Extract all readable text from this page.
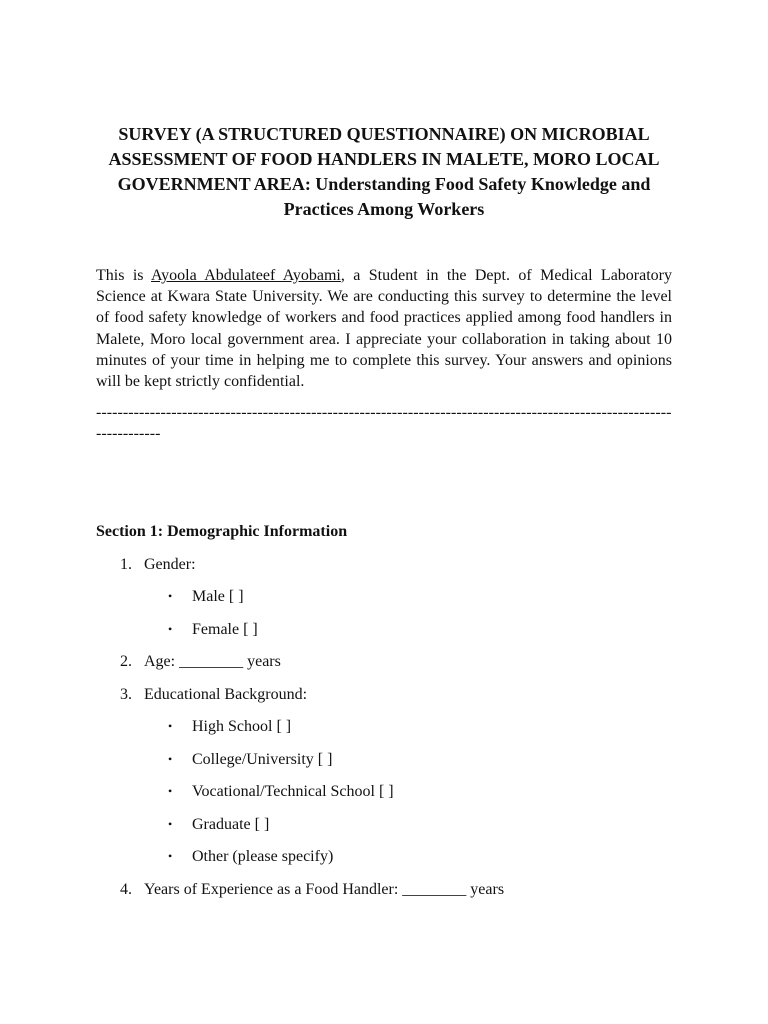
SURVEY (A STRUCTURED QUESTIONNAIRE) ON MICROBIAL ASSESSMENT OF FOOD HANDLERS IN MALETE, MORO LOCAL GOVERNMENT AREA: Understanding Food Safety Knowledge and Practices Among Workers
This is Ayoola Abdulateef Ayobami, a Student in the Dept. of Medical Laboratory Science at Kwara State University. We are conducting this survey to determine the level of food safety knowledge of workers and food practices applied among food handlers in Malete, Moro local government area. I appreciate your collaboration in taking about 10 minutes of your time in helping me to complete this survey. Your answers and opinions will be kept strictly confidential.
-----------------------------------------------------------------------------------------------------------------------
Section 1: Demographic Information
1. Gender:
• Male [ ]
• Female [ ]
2. Age: ________ years
3. Educational Background:
• High School [ ]
• College/University [ ]
• Vocational/Technical School [ ]
• Graduate [ ]
• Other (please specify)
4. Years of Experience as a Food Handler: ________ years
